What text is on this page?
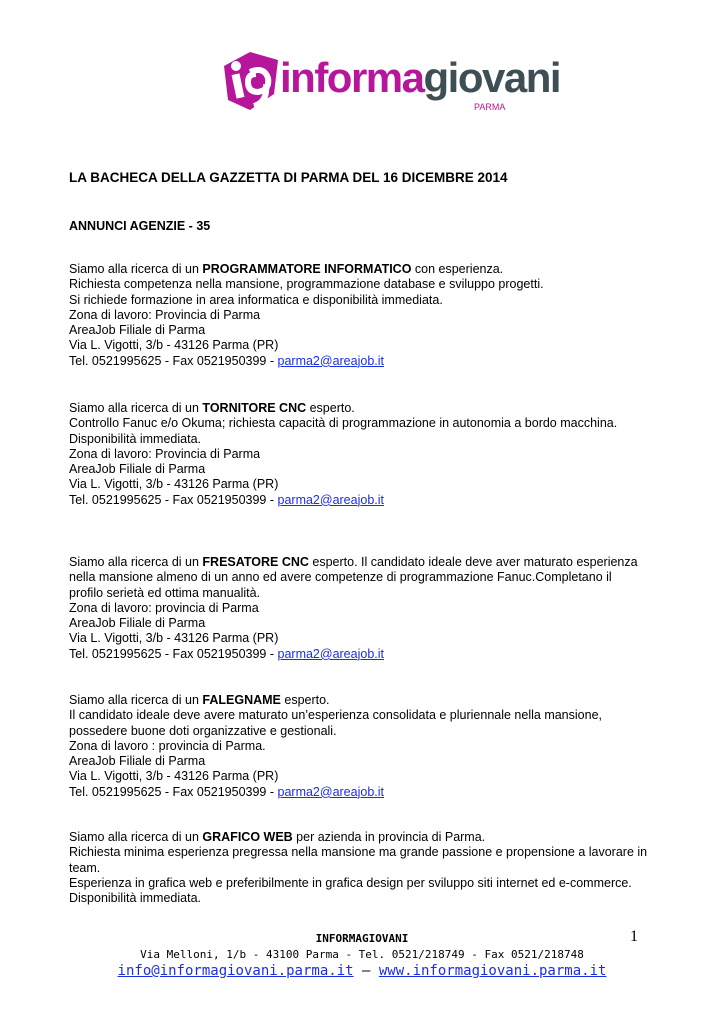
informagiovani
PARMA
LA BACHECA DELLA GAZZETTA DI PARMA DEL 16 DICEMBRE 2014
ANNUNCI AGENZIE - 35

Siamo alla ricerca di un PROGRAMMATORE INFORMATICO con esperienza.

Richiesta competenza nella mansione, programmazione database e sviluppo progetti.

Si richiede formazione in area informatica e disponibilità immediata.

Zona di lavoro: Provincia di Parma

AreaJob Filiale di Parma

Via L. Vigotti, 3/b - 43126 Parma (PR)

Tel. 0521995625 - Fax 0521950399 - parma2@areajob.it

Siamo alla ricerca di un TORNITORE CNC esperto.

Controllo Fanuc e/o Okuma; richiesta capacità di programmazione in autonomia a bordo macchina.

Disponibilità immediata.

Zona di lavoro: Provincia di Parma

AreaJob Filiale di Parma

Via L. Vigotti, 3/b - 43126 Parma (PR)

Tel. 0521995625 - Fax 0521950399 - parma2@areajob.it

Siamo alla ricerca di un FRESATORE CNC esperto. Il candidato ideale deve aver maturato esperienza nella mansione almeno di un anno ed avere competenze di programmazione Fanuc.Completano il profilo serietà ed ottima manualità.

Zona di lavoro: provincia di Parma

AreaJob Filiale di Parma

Via L. Vigotti, 3/b - 43126 Parma (PR)

Tel. 0521995625 - Fax 0521950399 - parma2@areajob.it

Siamo alla ricerca di un FALEGNAME esperto.

Il candidato ideale deve avere maturato un’esperienza consolidata e pluriennale nella mansione, possedere buone doti organizzative e gestionali.

Zona di lavoro : provincia di Parma.

AreaJob Filiale di Parma

Via L. Vigotti, 3/b - 43126 Parma (PR)

Tel. 0521995625 - Fax 0521950399 - parma2@areajob.it

Siamo alla ricerca di un GRAFICO WEB per azienda in provincia di Parma.

Richiesta minima esperienza pregressa nella mansione ma grande passione e propensione a lavorare in team.

Esperienza in grafica web e preferibilmente in grafica design per sviluppo siti internet ed e-commerce.

Disponibilità immediata.

INFORMAGIOVANI	1
Via Melloni, 1/b - 43100 Parma - Tel. 0521/218749 - Fax 0521/218748
info@informagiovani.parma.it – www.informagiovani.parma.it
